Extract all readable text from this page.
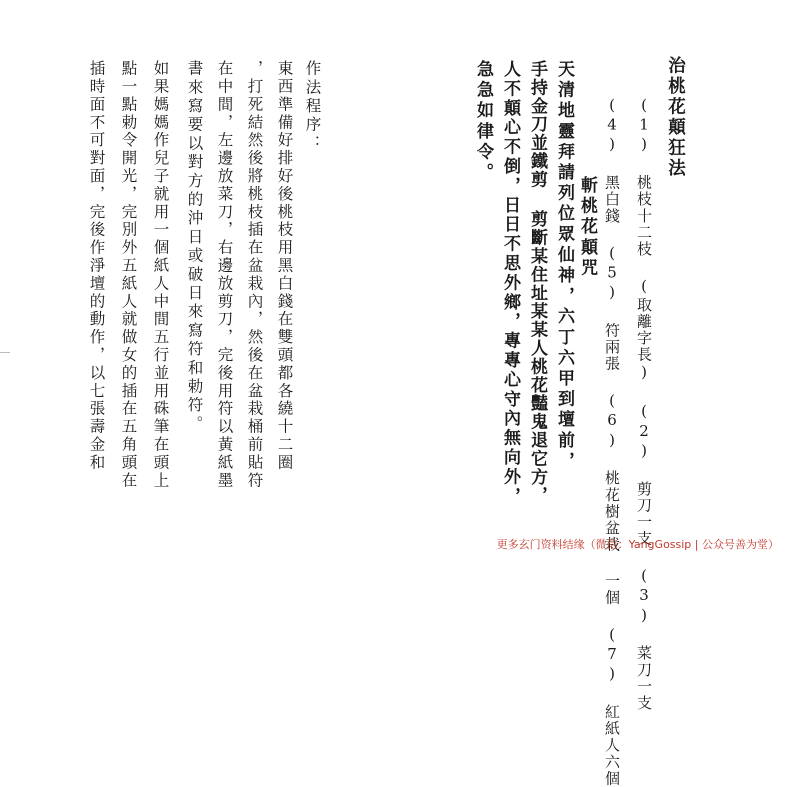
治桃花顛狂法
(1) 桃枝十二枝 (取離字長) (2) 剪刀一支 (3) 菜刀一支
(4) 黑白錢 (5) 符兩張 (6) 桃花樹盆栽 一個 (7) 紅紙人六個
斬桃花顛咒
天清地靈拜請列位眾仙神，六丁六甲到壇前，
手持金刀並鐵剪 剪斷某住址某某人桃花豔鬼退它方，
人不顛心不倒，日日不思外鄉，專專心守內無向外，
急急如律令。
作法程序：
東西準備好排好後桃枝用黑白錢在雙頭都各繞十二圈
，打死結然後將桃枝插在盆栽內，然後在盆栽桶前貼符
在中間，左邊放菜刀，右邊放剪刀，完後用符以黃紙墨
書來寫要以對方的沖日或破日來寫符和勅符。
如果媽媽作兒子就用一個紙人中間五行並用硃筆在頭上
點一點勅令開光，完別外五紙人就做女的插在五角頭在
插時面不可對面，完後作淨壇的動作，以七張壽金和
更多玄门资料结缘（微信：YangGossip | 公众号善为堂）
